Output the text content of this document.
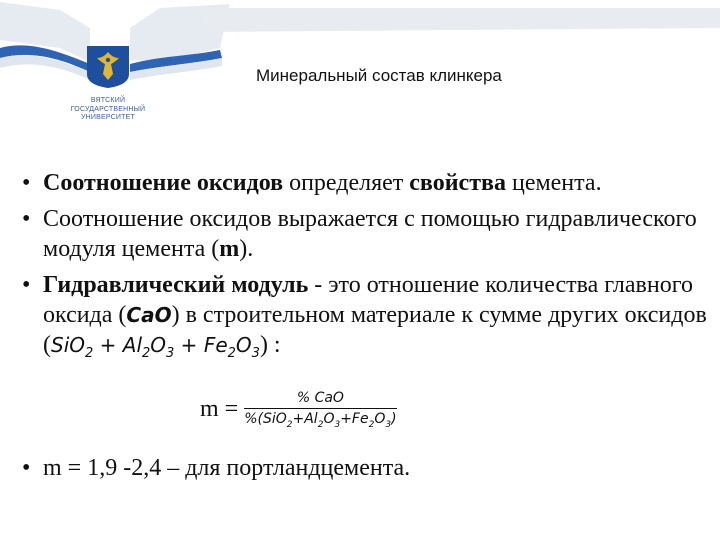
ВЯТСКИЙ
ГОСУДАРСТВЕННЫЙ
УНИВЕРСИТЕТ
Минеральный состав клинкера
• Соотношение оксидов определяет свойства цемента.
• Соотношение оксидов выражается с помощью гидравлического модуля цемента (m).
• Гидравлический модуль - это отношение количества главного оксида (CaO) в строительном материале к сумме других оксидов $(SiO_2 + Al_2O_3 + Fe_2O_3)$ :
$m = \frac{\text{\% CaO}}{\%(SiO_2+Al_2O_3+Fe_2O_3)}$
• m = 1,9 -2,4 – для портландцемента.
